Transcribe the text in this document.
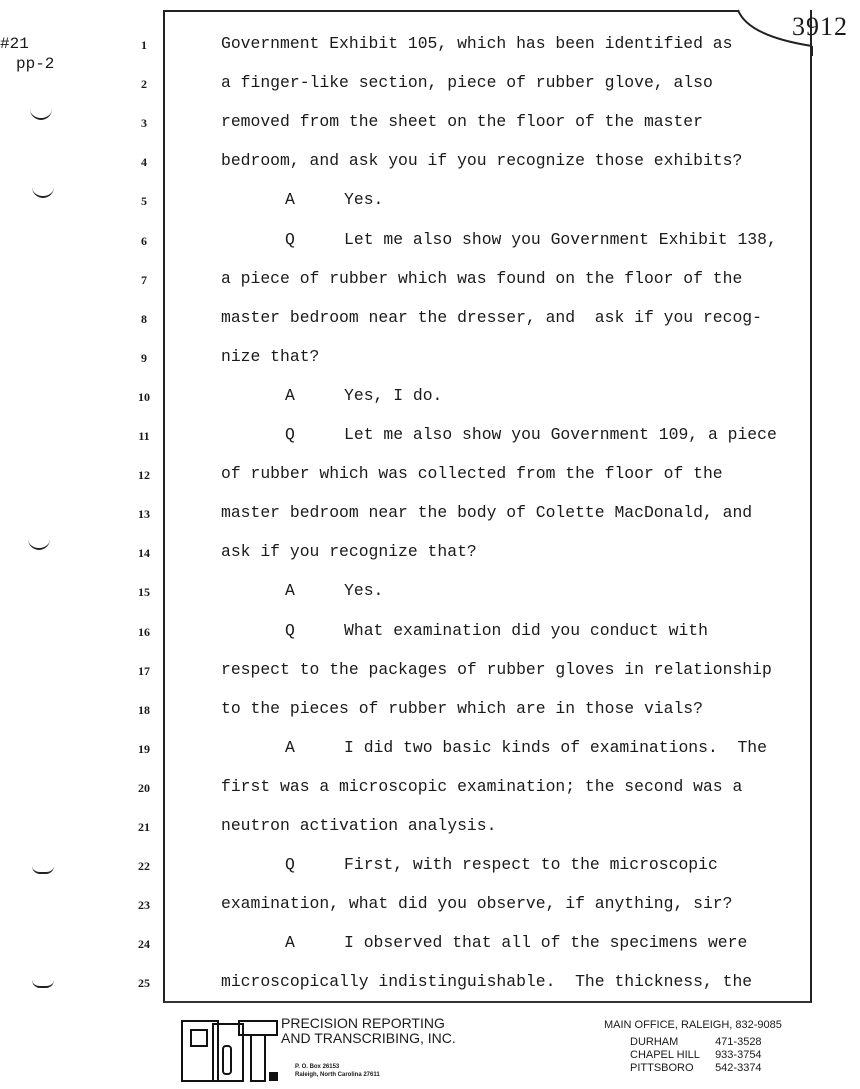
#21
pp-2
3912
1	Government Exhibit 105, which has been identified as
2	a finger-like section, piece of rubber glove, also
3	removed from the sheet on the floor of the master
4	bedroom, and ask you if you recognize those exhibits?
5	A     Yes.
6	Q     Let me also show you Government Exhibit 138,
7	a piece of rubber which was found on the floor of the
8	master bedroom near the dresser, and  ask if you recog-
9	nize that?
10	A     Yes, I do.
11	Q     Let me also show you Government 109, a piece
12	of rubber which was collected from the floor of the
13	master bedroom near the body of Colette MacDonald, and
14	ask if you recognize that?
15	A     Yes.
16	Q     What examination did you conduct with
17	respect to the packages of rubber gloves in relationship
18	to the pieces of rubber which are in those vials?
19	A     I did two basic kinds of examinations.  The
20	first was a microscopic examination; the second was a
21	neutron activation analysis.
22	Q     First, with respect to the microscopic
23	examination, what did you observe, if anything, sir?
24	A     I observed that all of the specimens were
25	microscopically indistinguishable.  The thickness, the
PRECISION REPORTING
AND TRANSCRIBING, INC.
P. O. Box 26153
Raleigh, North Carolina 27611
MAIN OFFICE, RALEIGH, 832-9085
DURHAM	471-3528
CHAPEL HILL 933-3754
PITTSBORO 542-3374
